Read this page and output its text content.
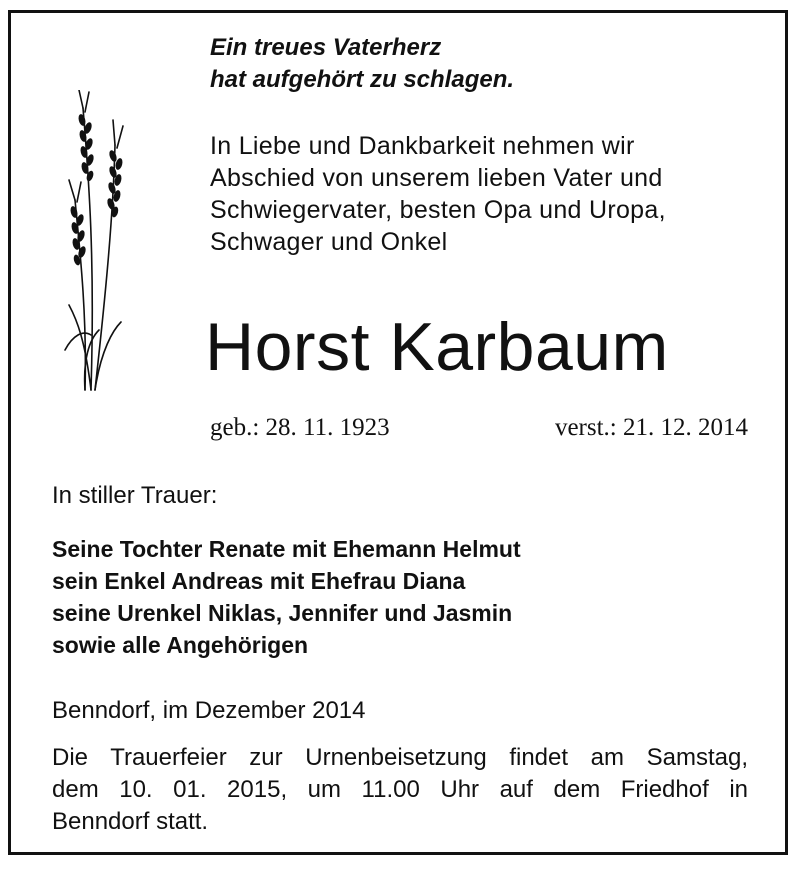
Ein treues Vaterherz
hat aufgehört zu schlagen.
In Liebe und Dankbarkeit nehmen wir
Abschied von unserem lieben Vater und
Schwiegervater, besten Opa und Uropa,
Schwager und Onkel
Horst Karbaum
geb.: 28. 11. 1923	verst.: 21. 12. 2014
In stiller Trauer:
Seine Tochter Renate mit Ehemann Helmut
sein Enkel Andreas mit Ehefrau Diana
seine Urenkel Niklas, Jennifer und Jasmin
sowie alle Angehörigen
Benndorf, im Dezember 2014
Die Trauerfeier zur Urnenbeisetzung findet am Samstag,
dem 10. 01. 2015, um 11.00 Uhr auf dem Friedhof in
Benndorf statt.
